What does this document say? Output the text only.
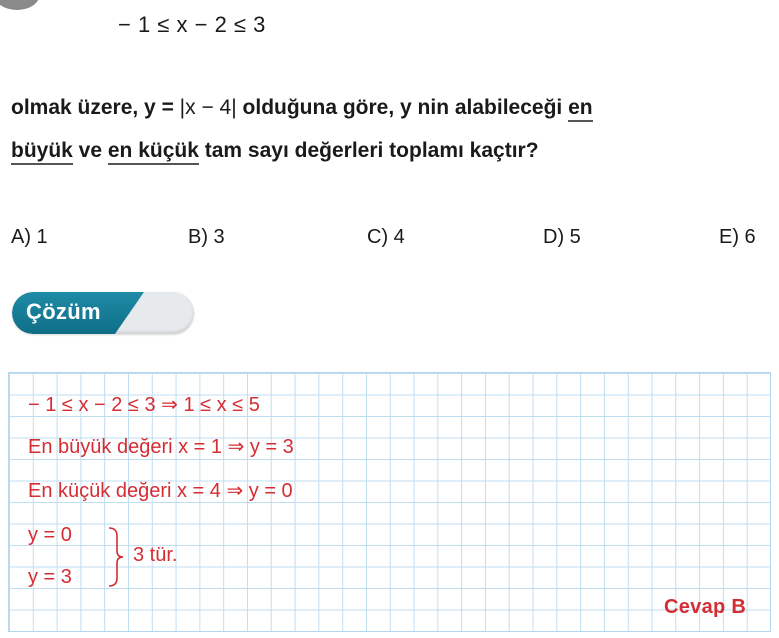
− 1 ≤ x − 2 ≤ 3
olmak üzere, y = |x − 4| olduğuna göre, y nin alabileceği en
büyük ve en küçük tam sayı değerleri toplamı kaçtır?
A) 1	B) 3	C) 4	D) 5	E) 6
Çözüm
− 1 ≤ x − 2 ≤ 3 ⇒ 1 ≤ x ≤ 5
En büyük değeri x = 1 ⇒ y = 3
En küçük değeri x = 4 ⇒ y = 0
y = 0
y = 3
3 tür.
Cevap B
